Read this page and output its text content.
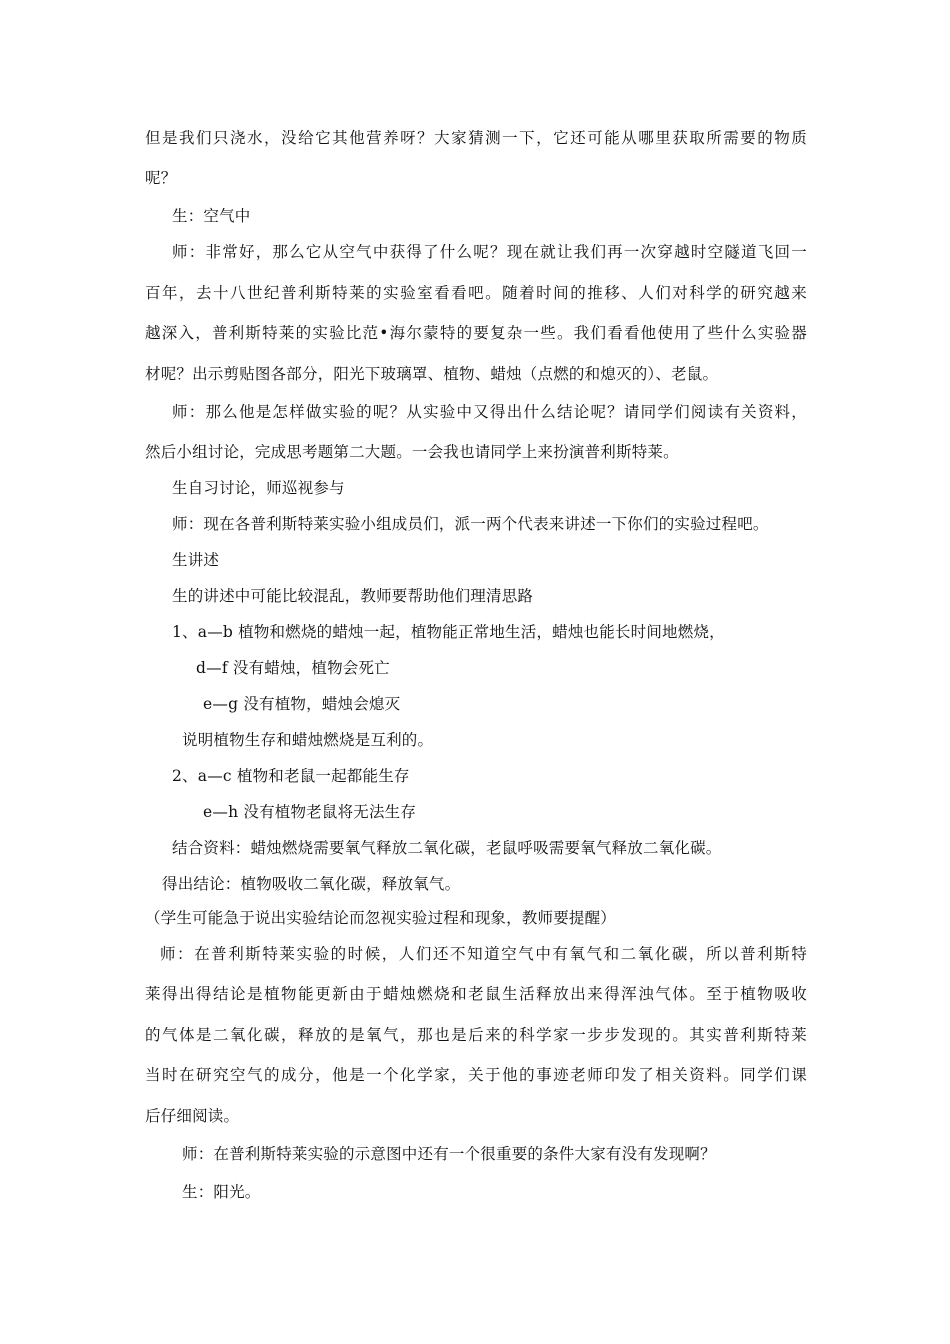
但是我们只浇水，没给它其他营养呀？大家猜测一下，它还可能从哪里获取所需要的物质
呢？
生：空气中
师：非常好，那么它从空气中获得了什么呢？现在就让我们再一次穿越时空隧道飞回一
百年，去十八世纪普利斯特莱的实验室看看吧。随着时间的推移、人们对科学的研究越来
越深入，普利斯特莱的实验比范•海尔蒙特的要复杂一些。我们看看他使用了些什么实验器
材呢？出示剪贴图各部分，阳光下玻璃罩、植物、蜡烛（点燃的和熄灭的）、老鼠。
师：那么他是怎样做实验的呢？从实验中又得出什么结论呢？请同学们阅读有关资料，
然后小组讨论，完成思考题第二大题。一会我也请同学上来扮演普利斯特莱。
生自习讨论，师巡视参与
师：现在各普利斯特莱实验小组成员们，派一两个代表来讲述一下你们的实验过程吧。
生讲述
生的讲述中可能比较混乱，教师要帮助他们理清思路
1、a—b 植物和燃烧的蜡烛一起，植物能正常地生活，蜡烛也能长时间地燃烧，
d—f 没有蜡烛，植物会死亡
e—g 没有植物，蜡烛会熄灭
说明植物生存和蜡烛燃烧是互利的。
2、a—c 植物和老鼠一起都能生存
e—h 没有植物老鼠将无法生存
结合资料：蜡烛燃烧需要氧气释放二氧化碳，老鼠呼吸需要氧气释放二氧化碳。
得出结论：植物吸收二氧化碳，释放氧气。
（学生可能急于说出实验结论而忽视实验过程和现象，教师要提醒）
师：在普利斯特莱实验的时候，人们还不知道空气中有氧气和二氧化碳，所以普利斯特
莱得出得结论是植物能更新由于蜡烛燃烧和老鼠生活释放出来得浑浊气体。至于植物吸收
的气体是二氧化碳，释放的是氧气，那也是后来的科学家一步步发现的。其实普利斯特莱
当时在研究空气的成分，他是一个化学家，关于他的事迹老师印发了相关资料。同学们课
后仔细阅读。
师：在普利斯特莱实验的示意图中还有一个很重要的条件大家有没有发现啊？
生：阳光。
